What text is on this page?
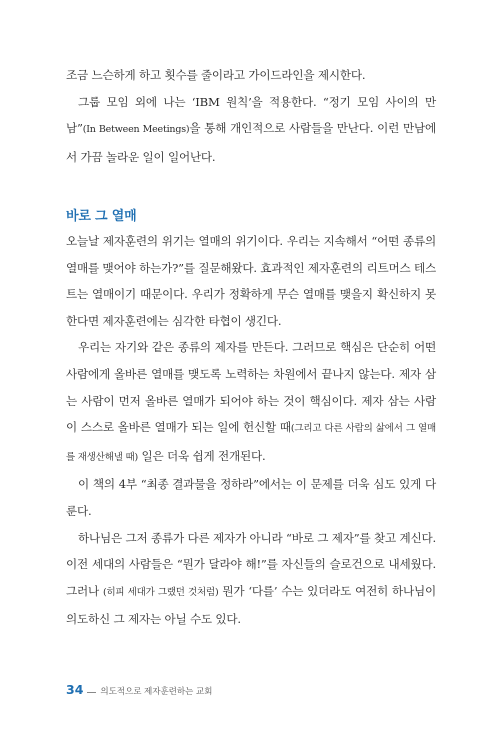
조금 느슨하게 하고 횟수를 줄이라고 가이드라인을 제시한다.

그룹 모임 외에 나는 ‘IBM 원칙’을 적용한다. “정기 모임 사이의 만남”(In Between Meetings)을 통해 개인적으로 사람들을 만난다. 이런 만남에서 가끔 놀라운 일이 일어난다.

바로 그 열매

오늘날 제자훈련의 위기는 열매의 위기이다. 우리는 지속해서 “어떤 종류의 열매를 맺어야 하는가?”를 질문해왔다. 효과적인 제자훈련의 리트머스 테스트는 열매이기 때문이다. 우리가 정확하게 무슨 열매를 맺을지 확신하지 못한다면 제자훈련에는 심각한 타협이 생긴다.

우리는 자기와 같은 종류의 제자를 만든다. 그러므로 핵심은 단순히 어떤 사람에게 올바른 열매를 맺도록 노력하는 차원에서 끝나지 않는다. 제자 삼는 사람이 먼저 올바른 열매가 되어야 하는 것이 핵심이다. 제자 삼는 사람이 스스로 올바른 열매가 되는 일에 헌신할 때(그리고 다른 사람의 삶에서 그 열매를 재생산해낼 때) 일은 더욱 쉽게 전개된다.

이 책의 4부 “최종 결과물을 정하라”에서는 이 문제를 더욱 심도 있게 다룬다.

하나님은 그저 종류가 다른 제자가 아니라 “바로 그 제자”를 찾고 계신다. 이전 세대의 사람들은 “뭔가 달라야 해!”를 자신들의 슬로건으로 내세웠다. 그러나 (히피 세대가 그랬던 것처럼) 뭔가 ‘다를’ 수는 있더라도 여전히 하나님이 의도하신 그 제자는 아닐 수도 있다.

34 의도적으로 제자훈련하는 교회
